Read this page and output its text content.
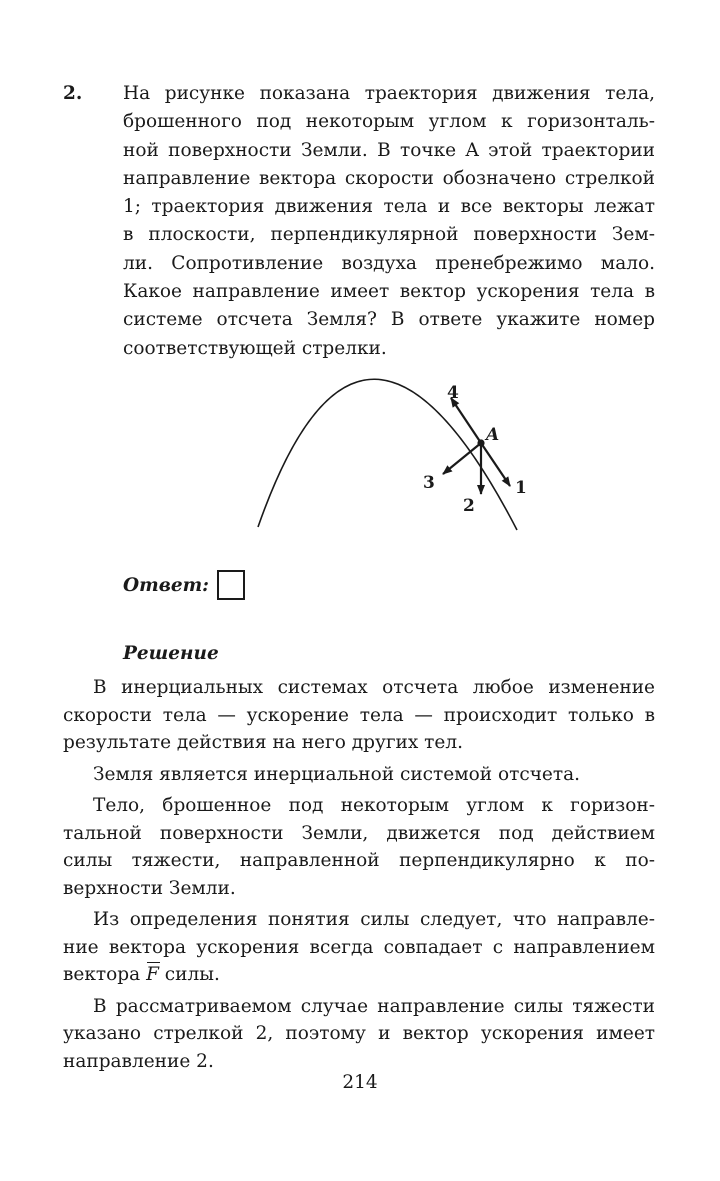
2. На рисунке показана траектория движения тела,
брошенного под некоторым углом к горизонталь-
ной поверхности Земли. В точке A этой траектории
направление вектора скорости обозначено стрелкой
1; траектория движения тела и все векторы лежат
в плоскости, перпендикулярной поверхности Зем-
ли. Сопротивление воздуха пренебрежимо мало.
Какое направление имеет вектор ускорения тела в
системе отсчета Земля? В ответе укажите номер
соответствующей стрелки.
A
1
2
3
4
Ответ:
Решение
В инерциальных системах отсчета любое изменение
скорости тела — ускорение тела — происходит только в
результате действия на него других тел.
Земля является инерциальной системой отсчета.
Тело, брошенное под некоторым углом к горизон-
тальной поверхности Земли, движется под действием
силы тяжести, направленной перпендикулярно к по-
верхности Земли.
Из определения понятия силы следует, что направле-
ние вектора ускорения всегда совпадает с направлением
вектора F силы.
В рассматриваемом случае направление силы тяжести
указано стрелкой 2, поэтому и вектор ускорения имеет
направление 2.
214
